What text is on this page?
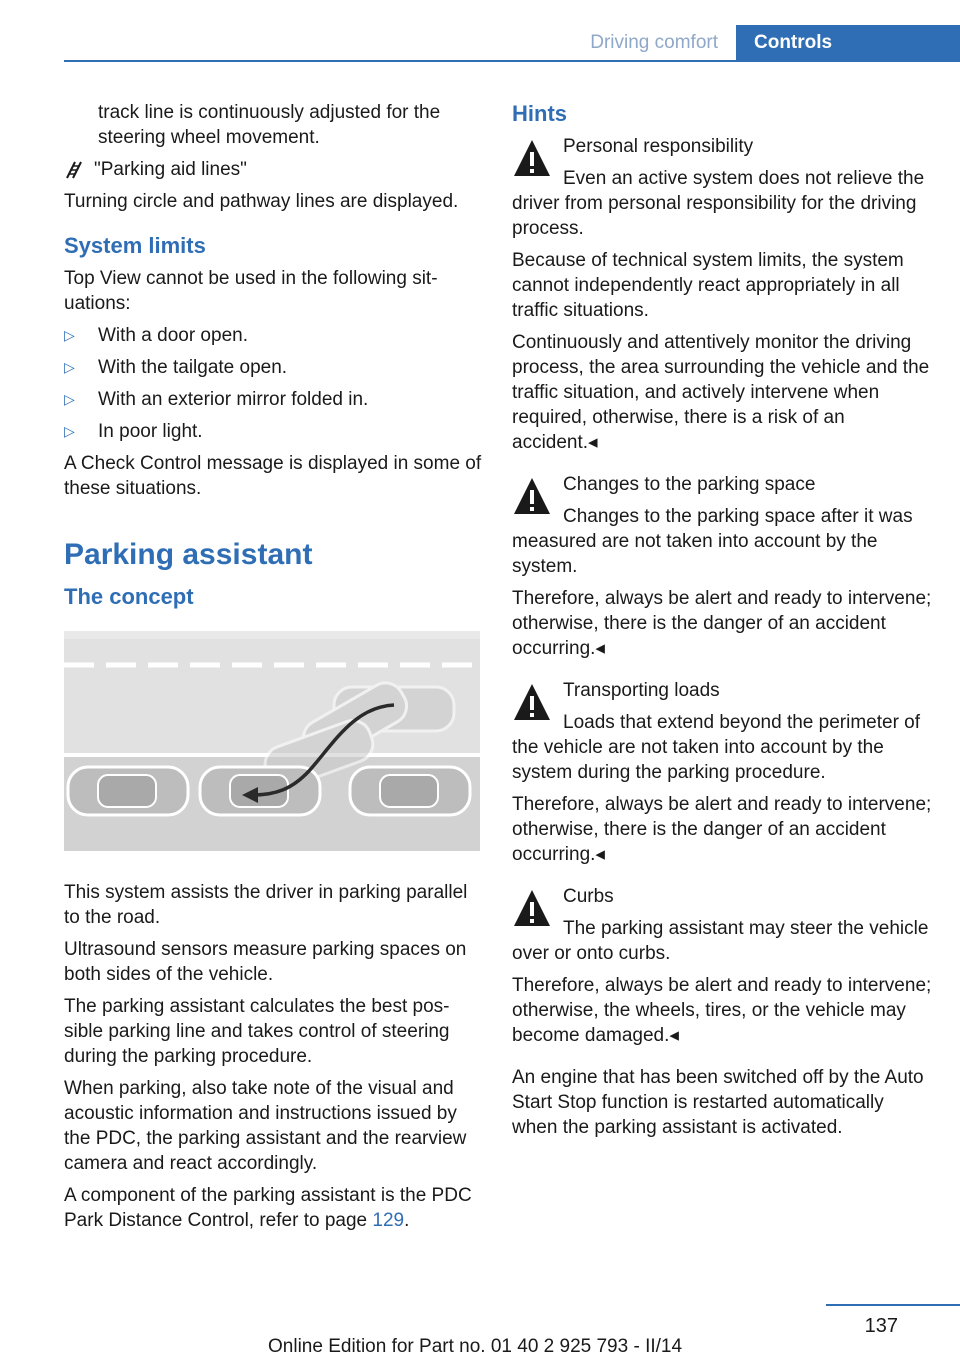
Driving comfort	Controls

track line is continuously adjusted for the steering wheel movement.

"Parking aid lines"

Turning circle and pathway lines are displayed.

System limits

Top View cannot be used in the following situations:

▷ With a door open.
▷ With the tailgate open.
▷ With an exterior mirror folded in.
▷ In poor light.

A Check Control message is displayed in some of these situations.

Parking assistant
The concept

This system assists the driver in parking parallel to the road.

Ultrasound sensors measure parking spaces on both sides of the vehicle.

The parking assistant calculates the best possible parking line and takes control of steering during the parking procedure.

When parking, also take note of the visual and acoustic information and instructions issued by the PDC, the parking assistant and the rearview camera and react accordingly.

A component of the parking assistant is the PDC Park Distance Control, refer to page 129.

Hints
Personal responsibility

Even an active system does not relieve the driver from personal responsibility for the driving process.

Because of technical system limits, the system cannot independently react appropriately in all traffic situations.

Continuously and attentively monitor the driving process, the area surrounding the vehicle and the traffic situation, and actively intervene when required, otherwise, there is a risk of an accident.◂

Changes to the parking space

Changes to the parking space after it was measured are not taken into account by the system.

Therefore, always be alert and ready to intervene; otherwise, there is the danger of an accident occurring.◂

Transporting loads

Loads that extend beyond the perimeter of the vehicle are not taken into account by the system during the parking procedure.

Therefore, always be alert and ready to intervene; otherwise, there is the danger of an accident occurring.◂

Curbs

The parking assistant may steer the vehicle over or onto curbs.

Therefore, always be alert and ready to intervene; otherwise, the wheels, tires, or the vehicle may become damaged.◂

An engine that has been switched off by the Auto Start Stop function is restarted automatically when the parking assistant is activated.

137
Online Edition for Part no. 01 40 2 925 793 - II/14
